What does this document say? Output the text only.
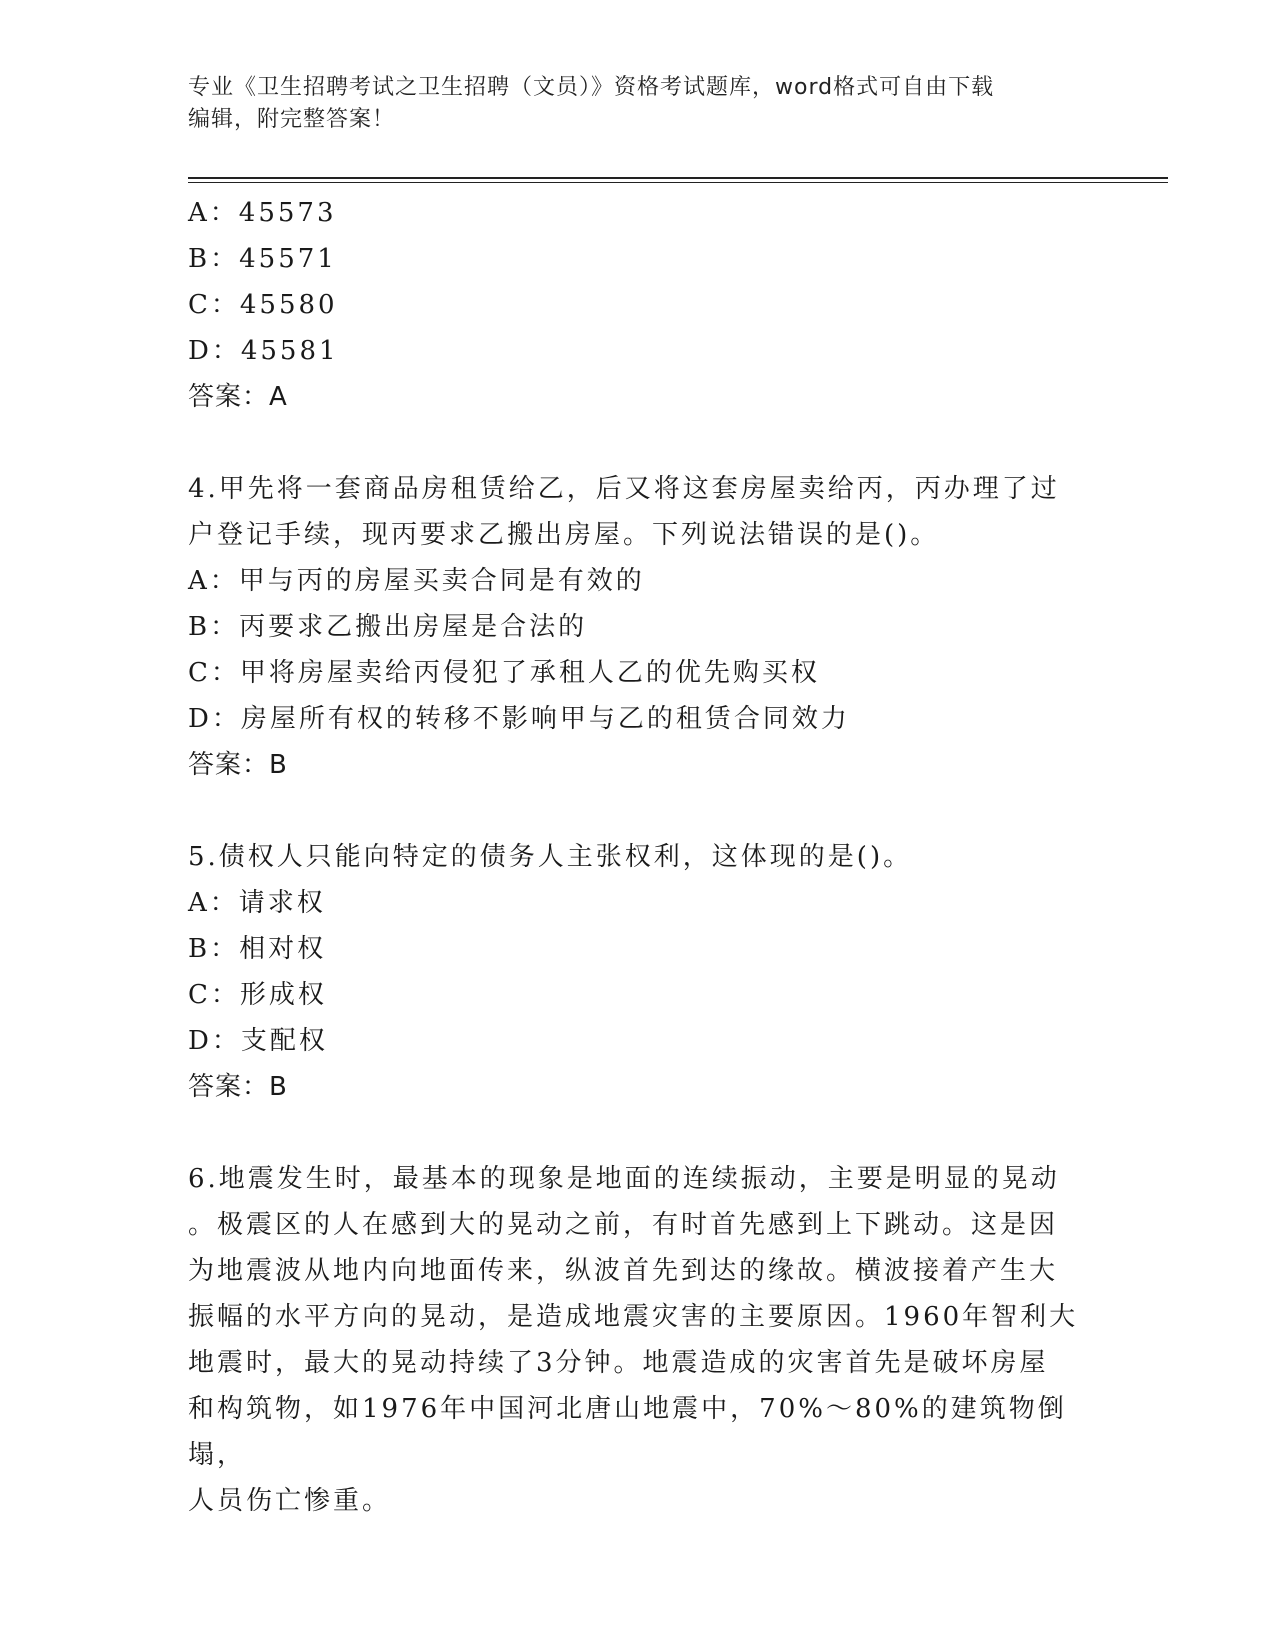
专业《卫生招聘考试之卫生招聘（文员）》资格考试题库，word格式可自由下载
编辑，附完整答案！
A：45573
B：45571
C：45580
D：45581
答案：A
4.甲先将一套商品房租赁给乙，后又将这套房屋卖给丙，丙办理了过
户登记手续，现丙要求乙搬出房屋。下列说法错误的是()。
A：甲与丙的房屋买卖合同是有效的
B：丙要求乙搬出房屋是合法的
C：甲将房屋卖给丙侵犯了承租人乙的优先购买权
D：房屋所有权的转移不影响甲与乙的租赁合同效力
答案：B
5.债权人只能向特定的债务人主张权利，这体现的是()。
A：请求权
B：相对权
C：形成权
D：支配权
答案：B
6.地震发生时，最基本的现象是地面的连续振动，主要是明显的晃动
。极震区的人在感到大的晃动之前，有时首先感到上下跳动。这是因
为地震波从地内向地面传来，纵波首先到达的缘故。横波接着产生大
振幅的水平方向的晃动，是造成地震灾害的主要原因。1960年智利大
地震时，最大的晃动持续了3分钟。地震造成的灾害首先是破坏房屋
和构筑物，如1976年中国河北唐山地震中，70%～80%的建筑物倒塌，
人员伤亡惨重。
